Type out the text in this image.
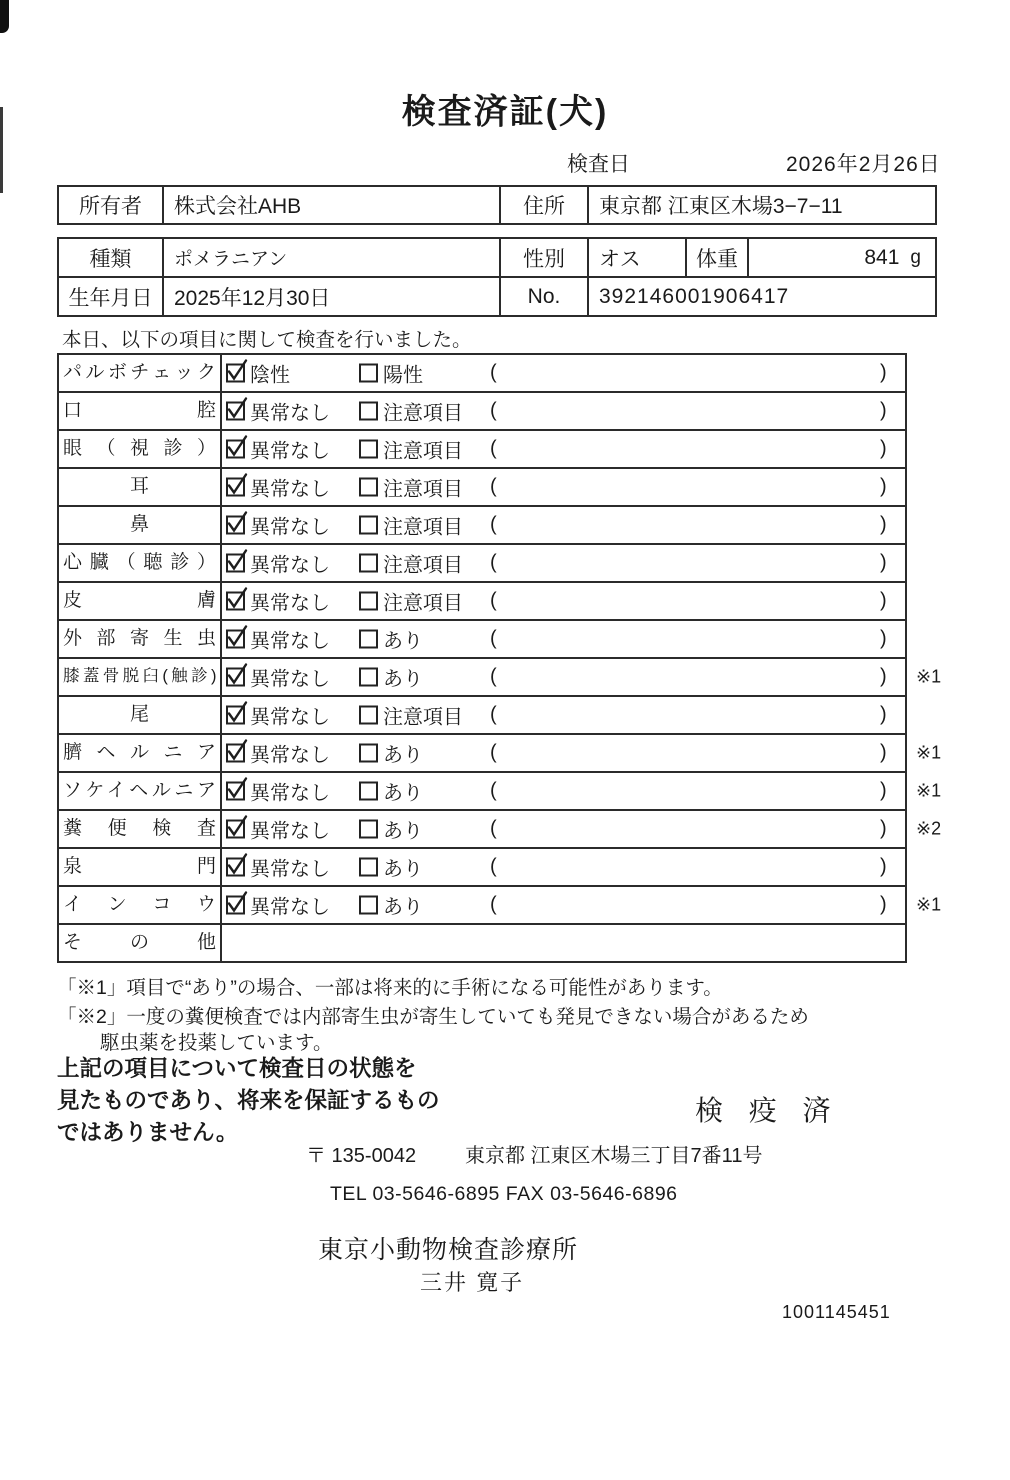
検査済証(犬)
検査日	2026年2月26日
所有者	株式会社AHB	住所	東京都 江東区木場3−7−11
種類	ポメラニアン	性別	オス	体重	841 g
生年月日	2025年12月30日	No.	392146001906417
本日、以下の項目に関して検査を行いました。
パルボチェック	陰性	陽性	(	)
口腔	異常なし	注意項目 (	)
眼（視診）	異常なし	注意項目 (	)
耳	異常なし	注意項目 (	)
鼻	異常なし	注意項目 (	)
心臓（聴診）	異常なし	注意項目 (	)
皮膚	異常なし	注意項目 (	)
外部寄生虫	異常なし	あり	(	)
膝蓋骨脱臼(触診)	異常なし	あり	(	) ※1
尾	異常なし	注意項目 (	)
臍ヘルニア	異常なし	あり	(	) ※1
ソケイヘルニア	異常なし	あり	(	) ※1
糞便検査	異常なし	あり	(	) ※2
泉門	異常なし	あり	(	)
インコウ	異常なし	あり	(	) ※1
その他
「※1」項目で“あり”の場合、一部は将来的に手術になる可能性があります。
「※2」一度の糞便検査では内部寄生虫が寄生していても発見できない場合があるため
駆虫薬を投薬しています。
上記の項目について検査日の状態を
見たものであり、将来を保証するもの
ではありません。
検 疫 済
〒 135-0042 東京都 江東区木場三丁目7番11号
TEL 03-5646-6895 FAX 03-5646-6896
東京小動物検査診療所
三井 寛子
1001145451
